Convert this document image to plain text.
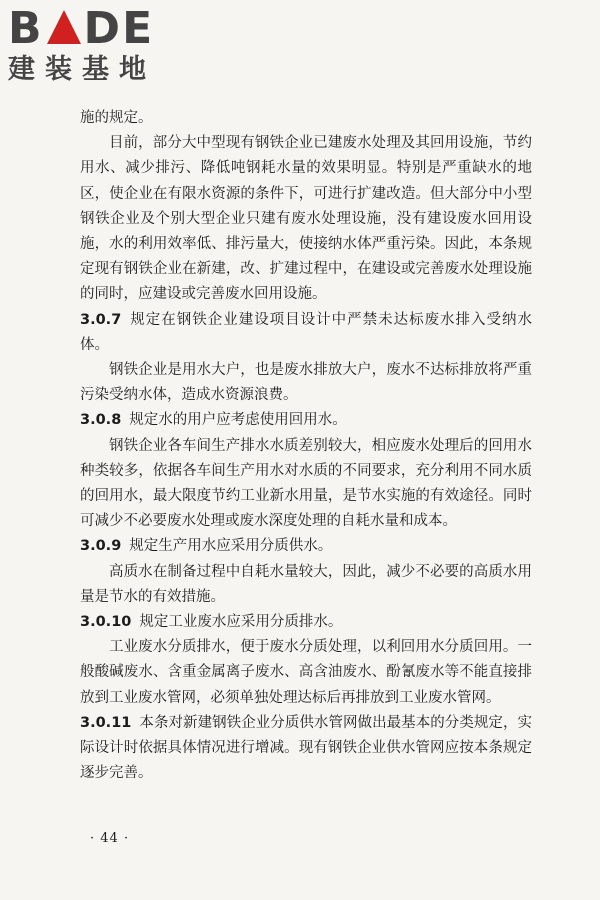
B DE
建装基地

施的规定。

目前，部分大中型现有钢铁企业已建废水处理及其回用设施，节约用水、减少排污、降低吨钢耗水量的效果明显。特别是严重缺水的地区，使企业在有限水资源的条件下，可进行扩建改造。但大部分中小型钢铁企业及个别大型企业只建有废水处理设施，没有建设废水回用设施，水的利用效率低、排污量大，使接纳水体严重污染。因此，本条规定现有钢铁企业在新建，改、扩建过程中，在建设或完善废水处理设施的同时，应建设或完善废水回用设施。

3.0.7 规定在钢铁企业建设项目设计中严禁未达标废水排入受纳水体。

钢铁企业是用水大户，也是废水排放大户，废水不达标排放将严重污染受纳水体，造成水资源浪费。

3.0.8 规定水的用户应考虑使用回用水。

钢铁企业各车间生产排水水质差别较大，相应废水处理后的回用水种类较多，依据各车间生产用水对水质的不同要求，充分利用不同水质的回用水，最大限度节约工业新水用量，是节水实施的有效途径。同时可减少不必要废水处理或废水深度处理的自耗水量和成本。

3.0.9 规定生产用水应采用分质供水。

高质水在制备过程中自耗水量较大，因此，减少不必要的高质水用量是节水的有效措施。

3.0.10 规定工业废水应采用分质排水。

工业废水分质排水，便于废水分质处理，以利回用水分质回用。一般酸碱废水、含重金属离子废水、高含油废水、酚氰废水等不能直接排放到工业废水管网，必须单独处理达标后再排放到工业废水管网。

3.0.11 本条对新建钢铁企业分质供水管网做出最基本的分类规定，实际设计时依据具体情况进行增减。现有钢铁企业供水管网应按本条规定逐步完善。

· 44 ·
